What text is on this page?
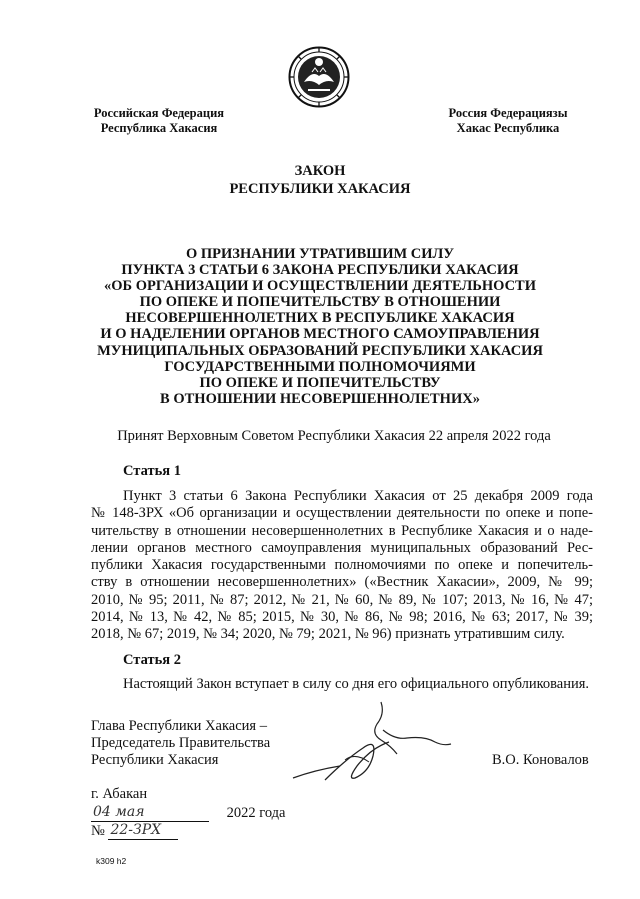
Российская Федерация
Республика Хакасия
Россия Федерациязы
Хакас Республика
ЗАКОН
РЕСПУБЛИКИ ХАКАСИЯ
О ПРИЗНАНИИ УТРАТИВШИМ СИЛУ
ПУНКТА 3 СТАТЬИ 6 ЗАКОНА РЕСПУБЛИКИ ХАКАСИЯ
«ОБ ОРГАНИЗАЦИИ И ОСУЩЕСТВЛЕНИИ ДЕЯТЕЛЬНОСТИ
ПО ОПЕКЕ И ПОПЕЧИТЕЛЬСТВУ В ОТНОШЕНИИ
НЕСОВЕРШЕННОЛЕТНИХ В РЕСПУБЛИКЕ ХАКАСИЯ
И О НАДЕЛЕНИИ ОРГАНОВ МЕСТНОГО САМОУПРАВЛЕНИЯ
МУНИЦИПАЛЬНЫХ ОБРАЗОВАНИЙ РЕСПУБЛИКИ ХАКАСИЯ
ГОСУДАРСТВЕННЫМИ ПОЛНОМОЧИЯМИ
ПО ОПЕКЕ И ПОПЕЧИТЕЛЬСТВУ
В ОТНОШЕНИИ НЕСОВЕРШЕННОЛЕТНИХ»
Принят Верховным Советом Республики Хакасия 22 апреля 2022 года
Статья 1
Пункт 3 статьи 6 Закона Республики Хакасия от 25 декабря 2009 года
№ 148-ЗРХ «Об организации и осуществлении деятельности по опеке и попе-
чительству в отношении несовершеннолетних в Республике Хакасия и о наде-
лении органов местного самоуправления муниципальных образований Рес-
публики Хакасия государственными полномочиями по опеке и попечитель-
ству в отношении несовершеннолетних» («Вестник Хакасии», 2009, № 99;
2010, № 95; 2011, № 87; 2012, № 21, № 60, № 89, № 107; 2013, № 16, № 47;
2014, № 13, № 42, № 85; 2015, № 30, № 86, № 98; 2016, № 63; 2017, № 39;
2018, № 67; 2019, № 34; 2020, № 79; 2021, № 96) признать утратившим силу.
Статья 2
Настоящий Закон вступает в силу со дня его официального опубликования.
Глава Республики Хакасия –
Председатель Правительства
Республики Хакасия	В.О. Коновалов
г. Абакан
04 мая	2022 года
№ 22-ЗРХ
k309 h2
